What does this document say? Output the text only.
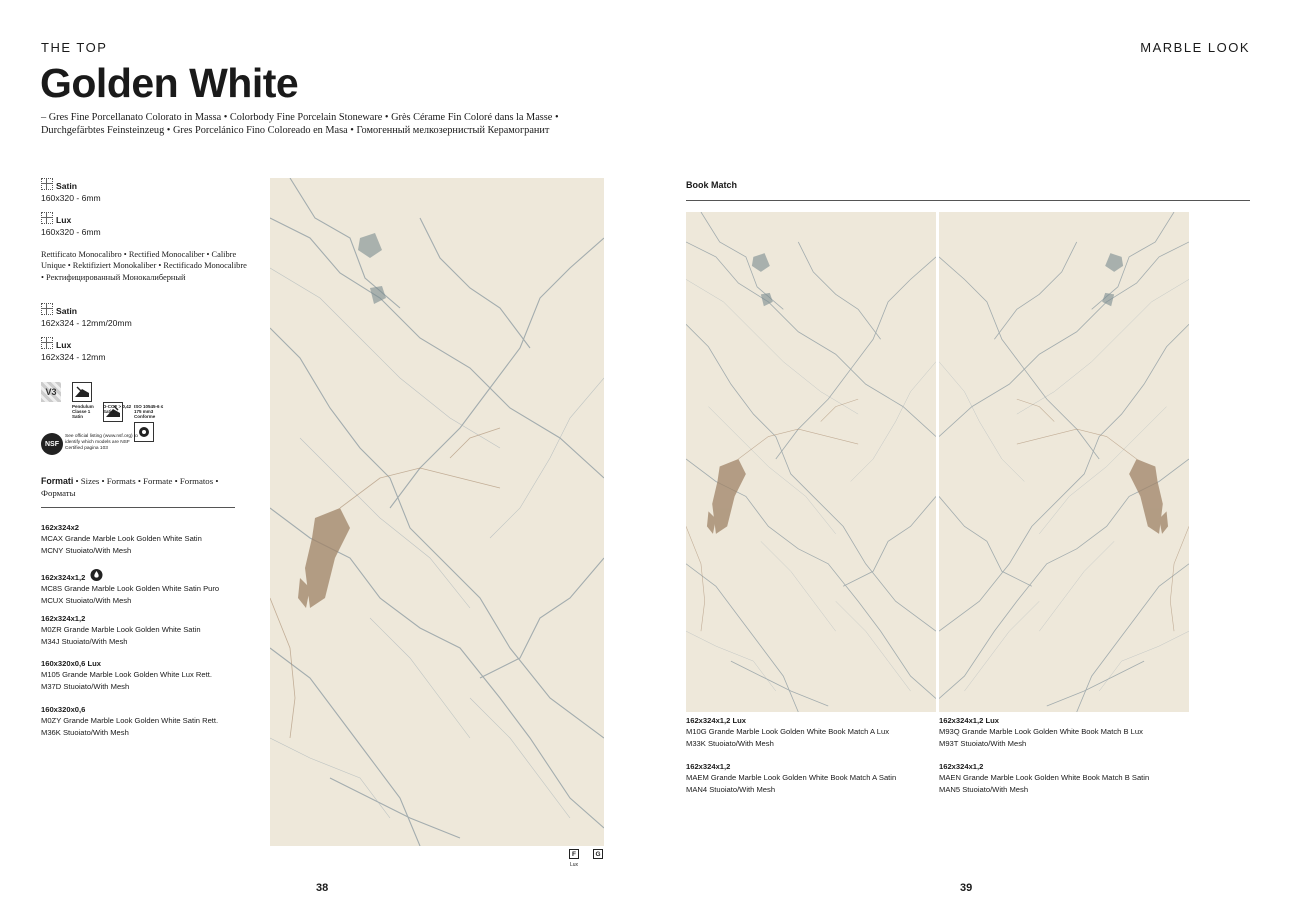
THE TOP
Golden White
– Gres Fine Porcellanato Colorato in Massa • Colorbody Fine Porcelain Stoneware • Grès Cérame Fin Coloré dans la Masse •
Durchgefärbtes Feinsteinzeug • Gres Porcelánico Fino Coloreado en Masa • Гомогенный мелкозернистый Керамогранит
MARBLE LOOK
Satin
160x320 - 6mm
Lux
160x320 - 6mm
Rettificato Monocalibro • Rectified Monocaliber • Calibre Unique • Rektifiziert Monokaliber • Rectificado Monocalibre • Ректифицированный Монокалиберный
Satin
162x324 - 12mm/20mm
Lux
162x324 - 12mm
V3
Pendulum Classe 1 Satin
D-COF > 0,42 Satin
ISO 10545-6 ≤ 175 mm3 Conforme
NSF
See official listing (www.nsf.org) to identify which models are NSF Certified pagina 103
Formati • Sizes • Formats • Formate • Formatos • Форматы
162x324x2
MCAX Grande Marble Look Golden White Satin
MCNY Stuoiato/With Mesh
162x324x1,2
MC8S Grande Marble Look Golden White Satin Puro
MCUX Stuoiato/With Mesh
162x324x1,2
M0ZR Grande Marble Look Golden White Satin
M34J Stuoiato/With Mesh
160x320x0,6 Lux
M105 Grande Marble Look Golden White Lux Rett.
M37D Stuoiato/With Mesh
160x320x0,6
M0ZY Grande Marble Look Golden White Satin Rett.
M36K Stuoiato/With Mesh
F	G
Lux
38
Book Match
162x324x1,2 Lux
M10G Grande Marble Look Golden White Book Match A Lux
M33K Stuoiato/With Mesh
162x324x1,2
MAEM Grande Marble Look Golden White Book Match A Satin
MAN4 Stuoiato/With Mesh
162x324x1,2 Lux
M93Q Grande Marble Look Golden White Book Match B Lux
M93T Stuoiato/With Mesh
162x324x1,2
MAEN Grande Marble Look Golden White Book Match B Satin
MAN5 Stuoiato/With Mesh
39
